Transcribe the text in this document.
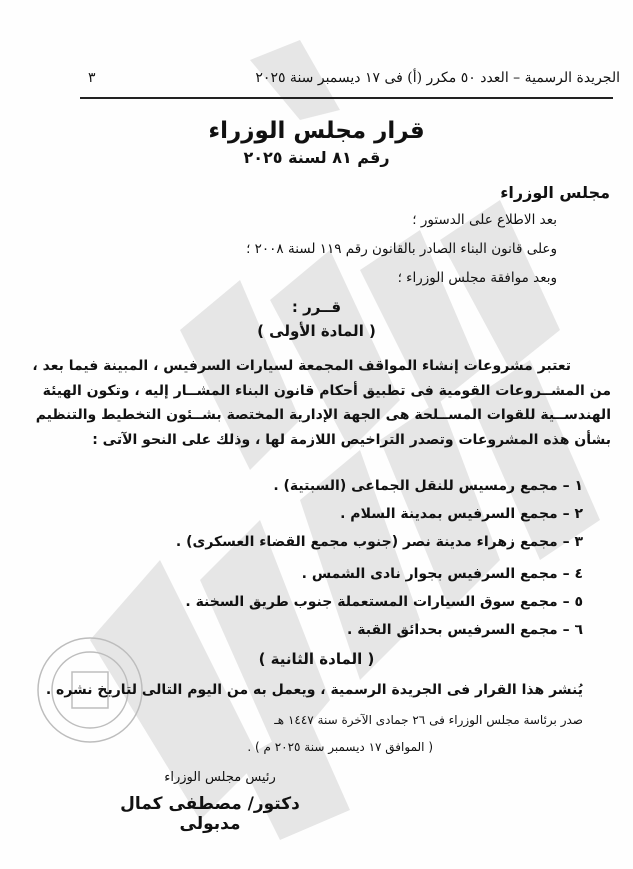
الجريدة الرسمية – العدد ٥٠ مكرر (أ) فى ١٧ ديسمبر سنة ٢٠٢٥
٣
قرار مجلس الوزراء
رقم ٨١ لسنة ٢٠٢٥
مجلس الوزراء
بعد الاطلاع على الدستور ؛
وعلى قانون البناء الصادر بالقانون رقم ١١٩ لسنة ٢٠٠٨ ؛
وبعد موافقة مجلس الوزراء ؛
قــرر :
( المادة الأولى )
تعتبر مشروعات إنشاء المواقف المجمعة لسيارات السرفيس ، المبينة فيما بعد ،
من المشــروعات القومية فى تطبيق أحكام قانون البناء المشــار إليه ، وتكون الهيئة
الهندســية للقوات المســلحة هى الجهة الإدارية المختصة بشــئون التخطيط والتنظيم
بشأن هذه المشروعات وتصدر التراخيص اللازمة لها ، وذلك على النحو الآتى :
١ – مجمع رمسيس للنقل الجماعى (السبتية) .
٢ – مجمع السرفيس بمدينة السلام .
٣ – مجمع زهراء مدينة نصر (جنوب مجمع القضاء العسكرى) .
٤ – مجمع السرفيس بجوار نادى الشمس .
٥ – مجمع سوق السيارات المستعملة جنوب طريق السخنة .
٦ – مجمع السرفيس بحدائق القبة .
( المادة الثانية )
يُنشر هذا القرار فى الجريدة الرسمية ، ويعمل به من اليوم التالى لتاريخ نشره .
صدر برئاسة مجلس الوزراء فى ٢٦ جمادى الآخرة سنة ١٤٤٧ هـ
( الموافق ١٧ ديسمبر سنة ٢٠٢٥ م ) .
رئيس مجلس الوزراء
دكتور/ مصطفى كمال مدبولى
